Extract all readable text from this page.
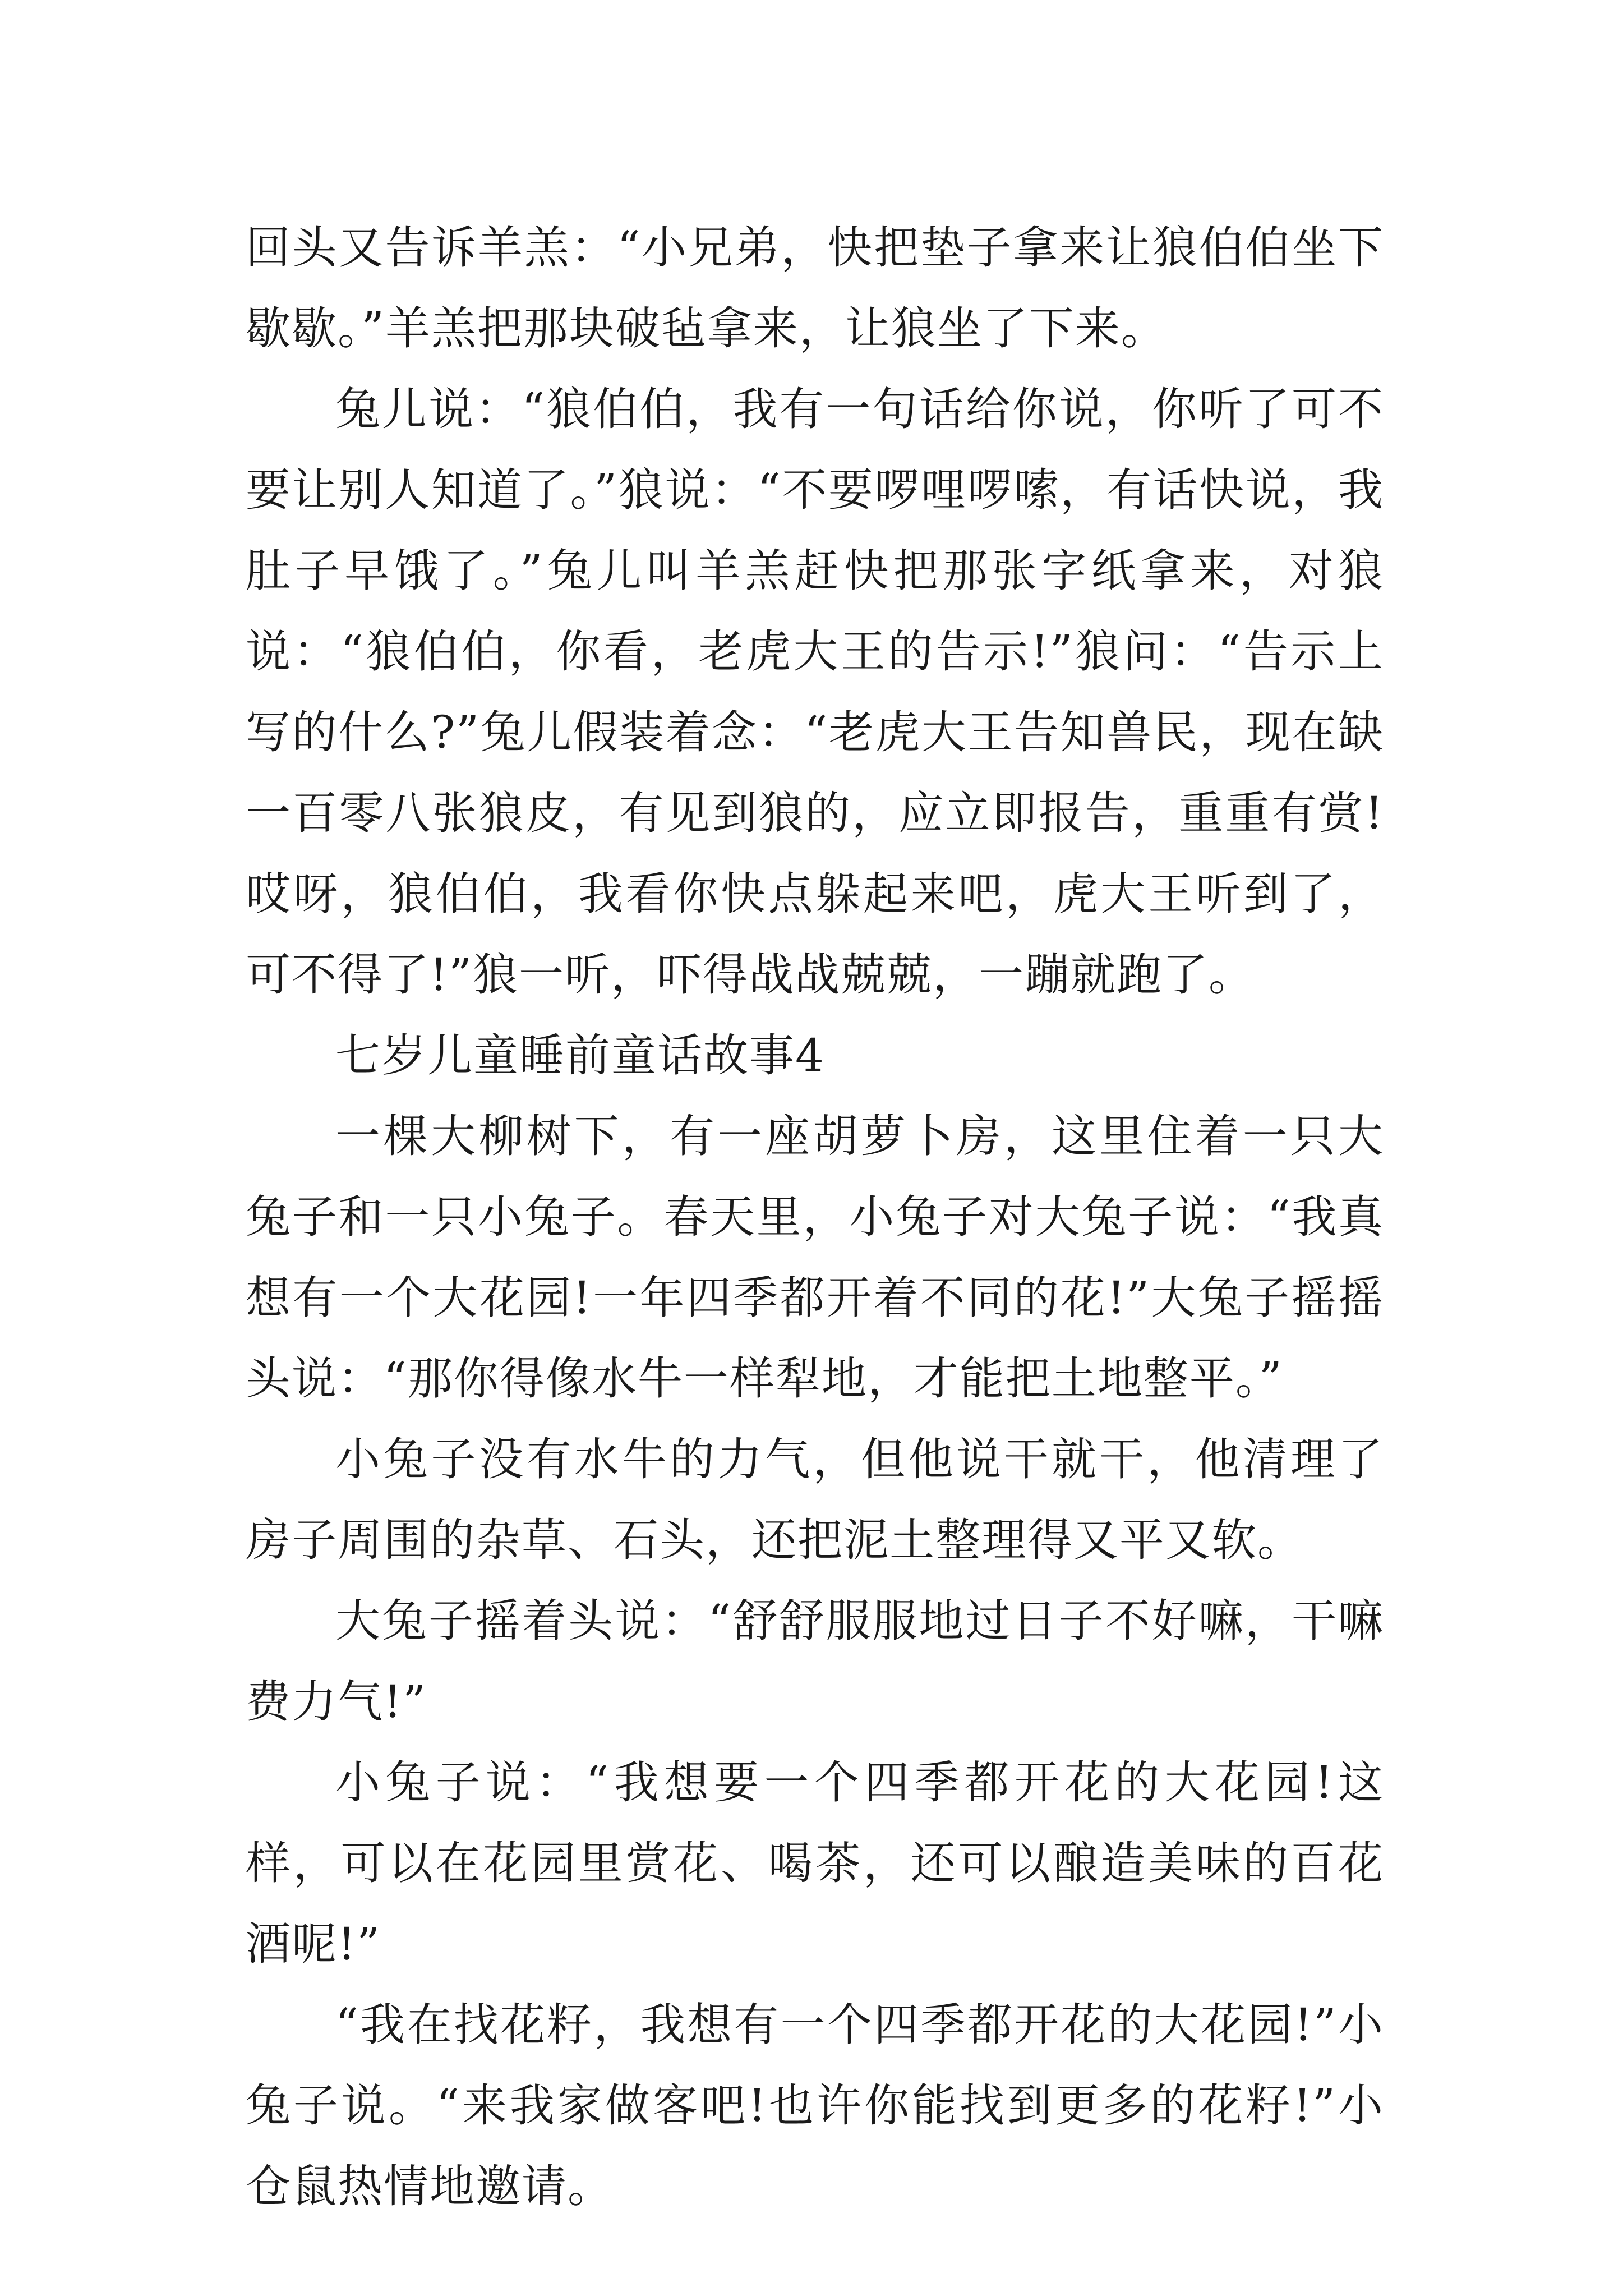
回头又告诉羊羔：“小兄弟，快把垫子拿来让狼伯伯坐下歇歇。”羊羔把那块破毡拿来，让狼坐了下来。

兔儿说：“狼伯伯，我有一句话给你说，你听了可不要让别人知道了。”狼说：“不要啰哩啰嗦，有话快说，我肚子早饿了。”兔儿叫羊羔赶快把那张字纸拿来，对狼说：“狼伯伯，你看，老虎大王的告示!”狼问：“告示上写的什么?”兔儿假装着念：“老虎大王告知兽民，现在缺一百零八张狼皮，有见到狼的，应立即报告，重重有赏!哎呀，狼伯伯，我看你快点躲起来吧，虎大王听到了，可不得了!”狼一听，吓得战战兢兢，一蹦就跑了。

七岁儿童睡前童话故事4

一棵大柳树下，有一座胡萝卜房，这里住着一只大兔子和一只小兔子。春天里，小兔子对大兔子说：“我真想有一个大花园!一年四季都开着不同的花!”大兔子摇摇头说：“那你得像水牛一样犁地，才能把土地整平。”

小兔子没有水牛的力气，但他说干就干，他清理了房子周围的杂草、石头，还把泥土整理得又平又软。

大兔子摇着头说：“舒舒服服地过日子不好嘛，干嘛费力气!”

小兔子说：“我想要一个四季都开花的大花园!这样，可以在花园里赏花、喝茶，还可以酿造美味的百花酒呢!”

“我在找花籽，我想有一个四季都开花的大花园!”小兔子说。“来我家做客吧!也许你能找到更多的花籽!”小仓鼠热情地邀请。
